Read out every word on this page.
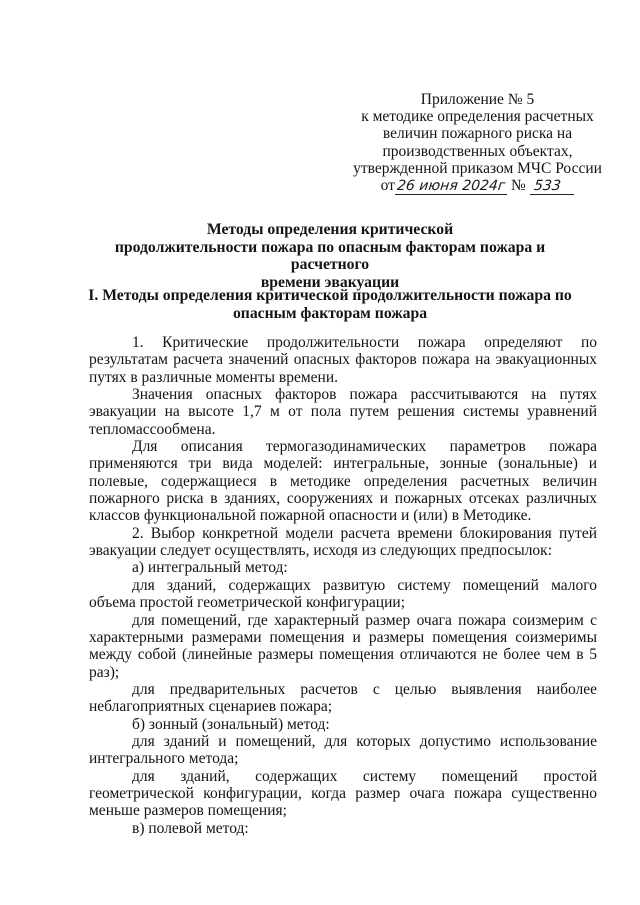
Приложение № 5
к методике определения расчетных
величин пожарного риска на
производственных объектах,
утвержденной приказом МЧС России
от26 июня 2024г № 533
Методы определения критической
продолжительности пожара по опасным факторам пожара и расчетного
времени эвакуации
I. Методы определения критической продолжительности пожара по
опасным факторам пожара

1. Критические продолжительности пожара определяют по результатам расчета значений опасных факторов пожара на эвакуационных путях в различные моменты времени.

Значения опасных факторов пожара рассчитываются на путях эвакуации на высоте 1,7 м от пола путем решения системы уравнений тепломассообмена.

Для описания термогазодинамических параметров пожара применяются три вида моделей: интегральные, зонные (зональные) и полевые, содержащиеся в методике определения расчетных величин пожарного риска в зданиях, сооружениях и пожарных отсеках различных классов функциональной пожарной опасности и (или) в Методике.

2. Выбор конкретной модели расчета времени блокирования путей эвакуации следует осуществлять, исходя из следующих предпосылок:

а) интегральный метод:

для зданий, содержащих развитую систему помещений малого объема простой геометрической конфигурации;

для помещений, где характерный размер очага пожара соизмерим с характерными размерами помещения и размеры помещения соизмеримы между собой (линейные размеры помещения отличаются не более чем в 5 раз);

для предварительных расчетов с целью выявления наиболее неблагоприятных сценариев пожара;

б) зонный (зональный) метод:

для зданий и помещений, для которых допустимо использование интегрального метода;

для зданий, содержащих систему помещений простой геометрической конфигурации, когда размер очага пожара существенно меньше размеров помещения;

в) полевой метод:
